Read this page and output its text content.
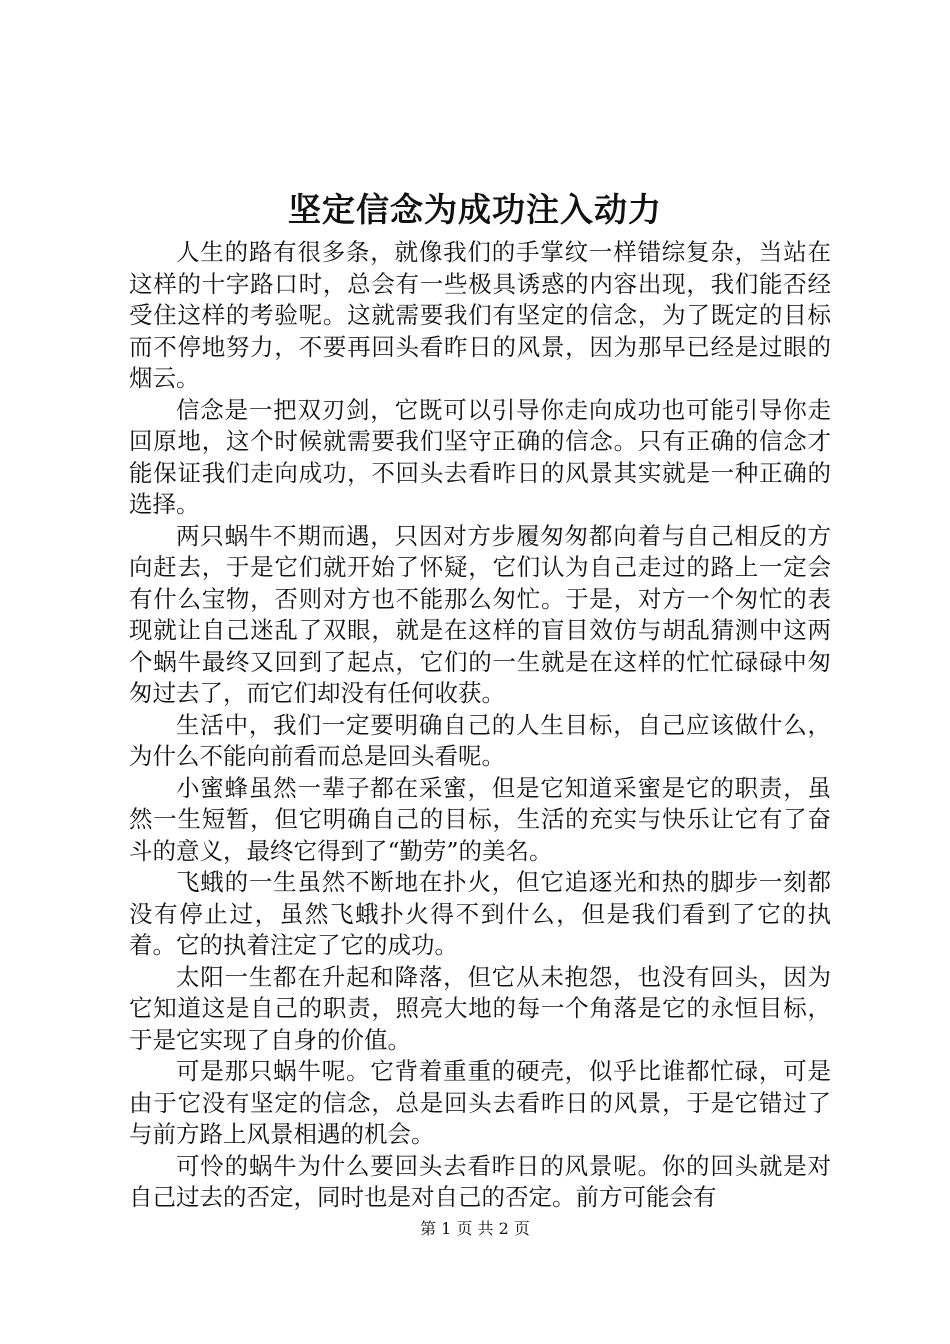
坚定信念为成功注入动力

人生的路有很多条，就像我们的手掌纹一样错综复杂，当站在这样的十字路口时，总会有一些极具诱惑的内容出现，我们能否经受住这样的考验呢。这就需要我们有坚定的信念，为了既定的目标而不停地努力，不要再回头看昨日的风景，因为那早已经是过眼的烟云。

信念是一把双刃剑，它既可以引导你走向成功也可能引导你走回原地，这个时候就需要我们坚守正确的信念。只有正确的信念才能保证我们走向成功，不回头去看昨日的风景其实就是一种正确的选择。

两只蜗牛不期而遇，只因对方步履匆匆都向着与自己相反的方向赶去，于是它们就开始了怀疑，它们认为自己走过的路上一定会有什么宝物，否则对方也不能那么匆忙。于是，对方一个匆忙的表现就让自己迷乱了双眼，就是在这样的盲目效仿与胡乱猜测中这两个蜗牛最终又回到了起点，它们的一生就是在这样的忙忙碌碌中匆匆过去了，而它们却没有任何收获。

生活中，我们一定要明确自己的人生目标，自己应该做什么，为什么不能向前看而总是回头看呢。

小蜜蜂虽然一辈子都在采蜜，但是它知道采蜜是它的职责，虽然一生短暂，但它明确自己的目标，生活的充实与快乐让它有了奋斗的意义，最终它得到了“勤劳”的美名。

飞蛾的一生虽然不断地在扑火，但它追逐光和热的脚步一刻都没有停止过，虽然飞蛾扑火得不到什么，但是我们看到了它的执着。它的执着注定了它的成功。

太阳一生都在升起和降落，但它从未抱怨，也没有回头，因为它知道这是自己的职责，照亮大地的每一个角落是它的永恒目标，于是它实现了自身的价值。

可是那只蜗牛呢。它背着重重的硬壳，似乎比谁都忙碌，可是由于它没有坚定的信念，总是回头去看昨日的风景，于是它错过了与前方路上风景相遇的机会。

可怜的蜗牛为什么要回头去看昨日的风景呢。你的回头就是对自己过去的否定，同时也是对自己的否定。前方可能会有

第 1 页 共 2 页
